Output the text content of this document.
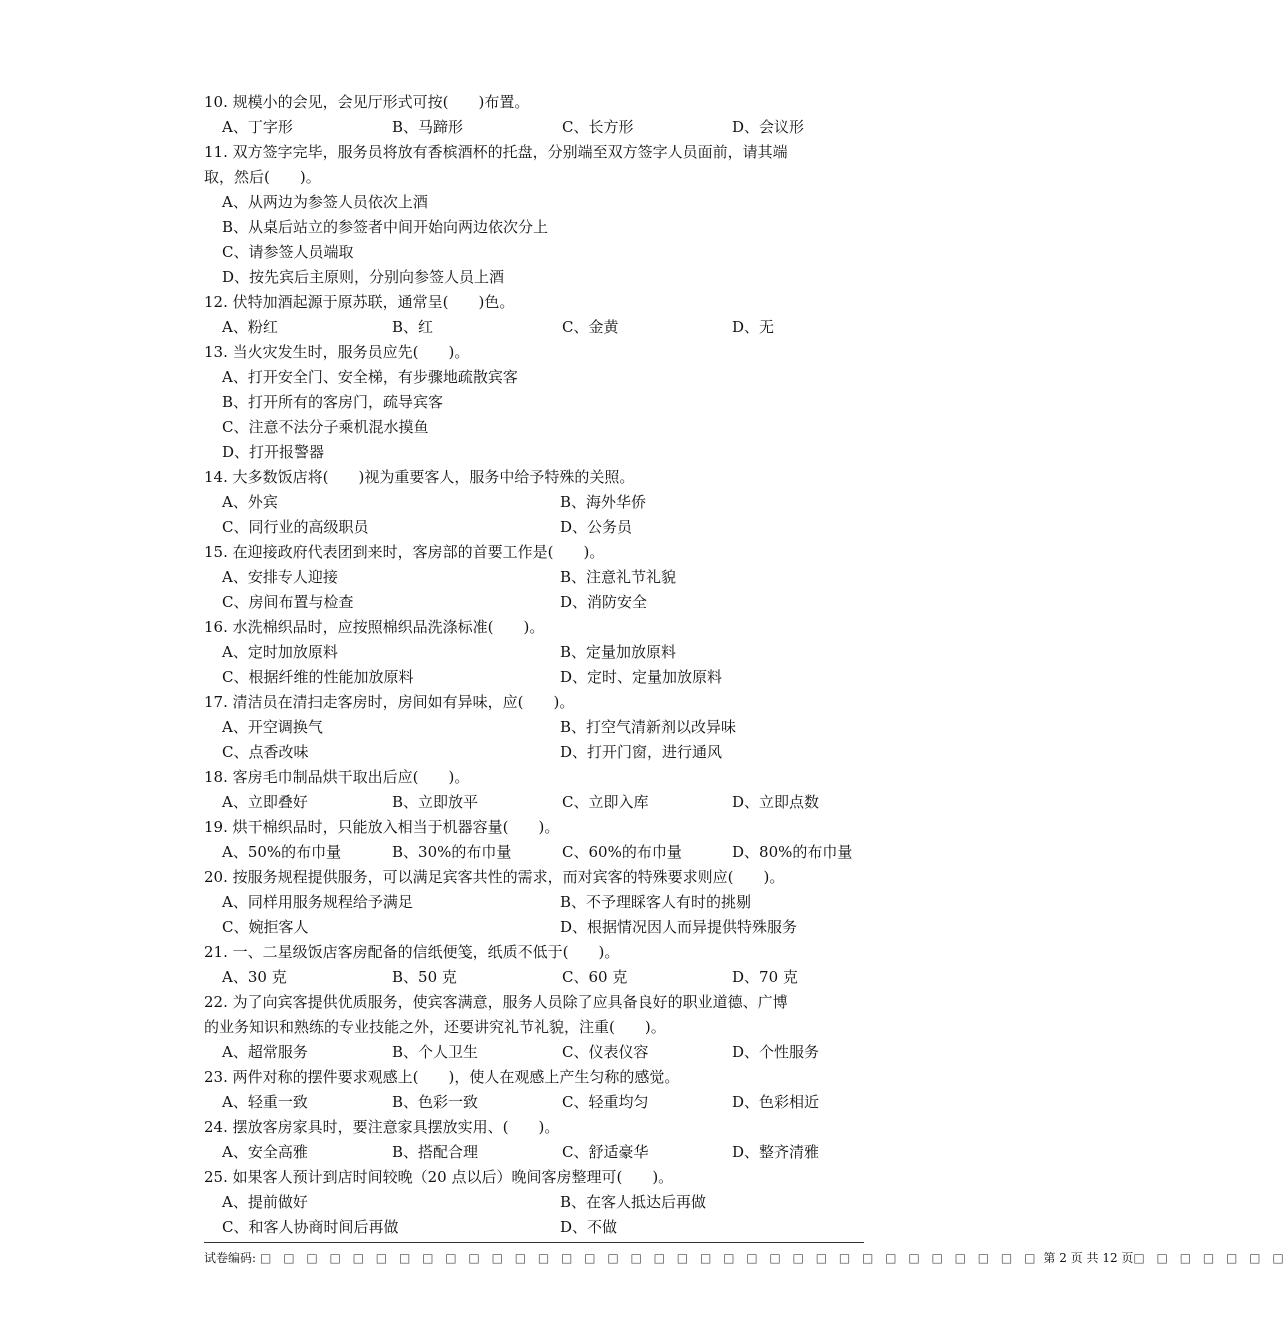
10. 规模小的会见，会见厅形式可按(　　)布置。
A、丁字形	B、马蹄形	C、长方形	D、会议形
11. 双方签字完毕，服务员将放有香槟酒杯的托盘，分别端至双方签字人员面前，请其端
取，然后(　　)。
A、从两边为参签人员依次上酒
B、从桌后站立的参签者中间开始向两边依次分上
C、请参签人员端取
D、按先宾后主原则，分别向参签人员上酒
12. 伏特加酒起源于原苏联，通常呈(　　)色。
A、粉红	B、红	C、金黄	D、无
13. 当火灾发生时，服务员应先(　　)。
A、打开安全门、安全梯，有步骤地疏散宾客
B、打开所有的客房门，疏导宾客
C、注意不法分子乘机混水摸鱼
D、打开报警器
14. 大多数饭店将(　　)视为重要客人，服务中给予特殊的关照。
A、外宾	B、海外华侨
C、同行业的高级职员	D、公务员
15. 在迎接政府代表团到来时，客房部的首要工作是(　　)。
A、安排专人迎接	B、注意礼节礼貌
C、房间布置与检查	D、消防安全
16. 水洗棉织品时，应按照棉织品洗涤标准(　　)。
A、定时加放原料	B、定量加放原料
C、根据纤维的性能加放原料	D、定时、定量加放原料
17. 清洁员在清扫走客房时，房间如有异味，应(　　)。
A、开空调换气	B、打空气清新剂以改异味
C、点香改味	D、打开门窗，进行通风
18. 客房毛巾制品烘干取出后应(　　)。
A、立即叠好	B、立即放平	C、立即入库	D、立即点数
19. 烘干棉织品时，只能放入相当于机器容量(　　)。
A、50%的布巾量	B、30%的布巾量	C、60%的布巾量	D、80%的布巾量
20. 按服务规程提供服务，可以满足宾客共性的需求，而对宾客的特殊要求则应(　　)。
A、同样用服务规程给予满足	B、不予理睬客人有时的挑剔
C、婉拒客人	D、根据情况因人而异提供特殊服务
21. 一、二星级饭店客房配备的信纸便笺，纸质不低于(　　)。
A、30 克	B、50 克	C、60 克	D、70 克
22. 为了向宾客提供优质服务，使宾客满意，服务人员除了应具备良好的职业道德、广博
的业务知识和熟练的专业技能之外，还要讲究礼节礼貌，注重(　　)。
A、超常服务	B、个人卫生	C、仪表仪容	D、个性服务
23. 两件对称的摆件要求观感上(　　)，使人在观感上产生匀称的感觉。
A、轻重一致	B、色彩一致	C、轻重均匀	D、色彩相近
24. 摆放客房家具时，要注意家具摆放实用、(　　)。
A、安全高雅	B、搭配合理	C、舒适豪华	D、整齐清雅
25. 如果客人预计到店时间较晚（20 点以后）晚间客房整理可(　　)。
A、提前做好	B、在客人抵达后再做
C、和客人协商时间后再做	D、不做
试卷编码: □ □ □ □ □ □ □ □ □ □ □ □ □ □ □ □ □ □ □ □ □ □ □ □ □ □ □ □ □ □ □ □ □ □ 第 2 页 共 12 页 □ □ □ □ □ □ □
